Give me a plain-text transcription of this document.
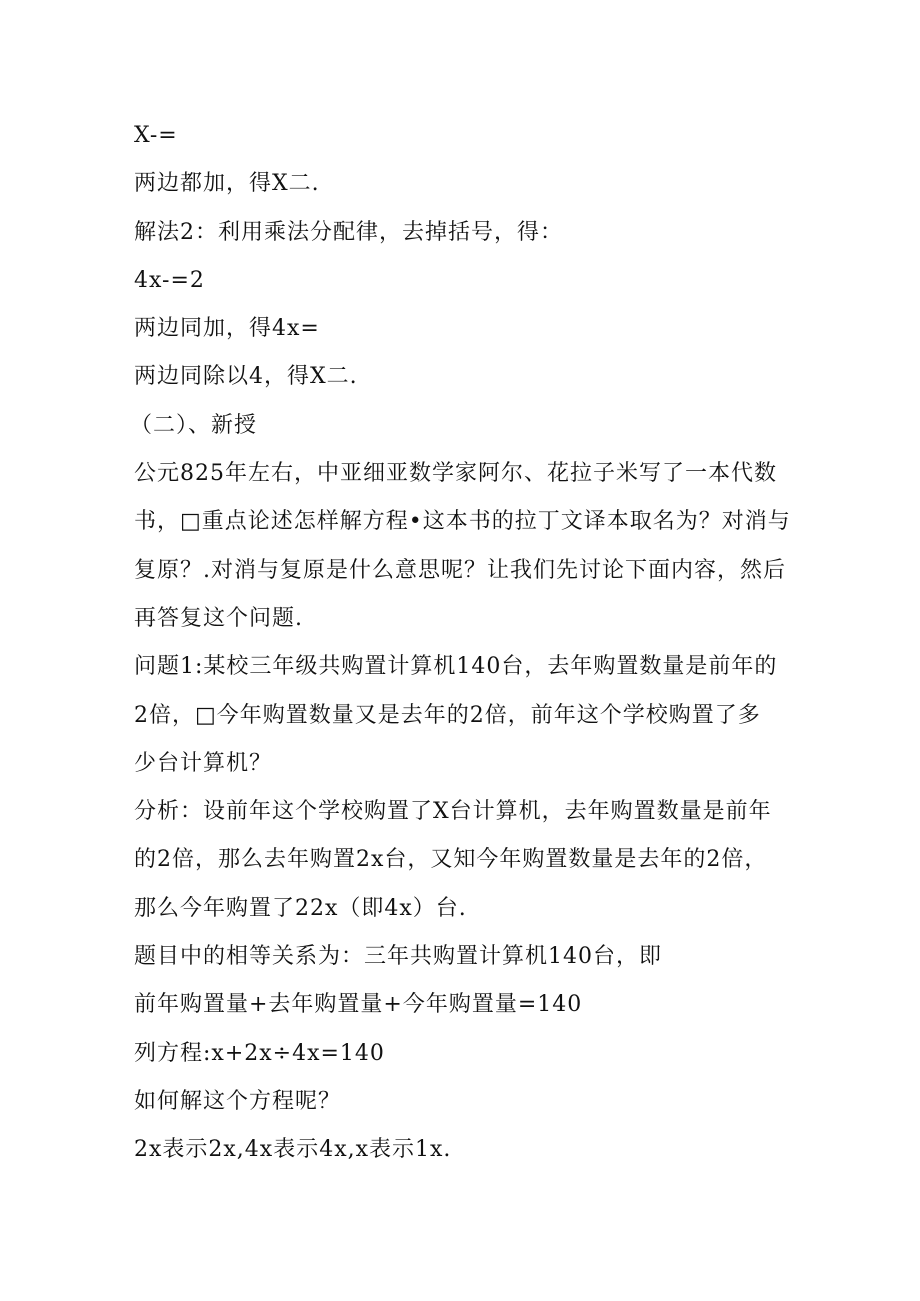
X-=
两边都加，得X二.
解法2：利用乘法分配律，去掉括号，得：
4x-=2
两边同加，得4x=
两边同除以4，得X二.
（二）、新授
公元825年左右，中亚细亚数学家阿尔、花拉子米写了一本代数
书，□重点论述怎样解方程•这本书的拉丁文译本取名为？对消与
复原？.对消与复原是什么意思呢？让我们先讨论下面内容，然后
再答复这个问题.
问题1:某校三年级共购置计算机140台，去年购置数量是前年的
2倍，□今年购置数量又是去年的2倍，前年这个学校购置了多
少台计算机？
分析：设前年这个学校购置了X台计算机，去年购置数量是前年
的2倍，那么去年购置2x台，又知今年购置数量是去年的2倍，
那么今年购置了22x（即4x）台.
题目中的相等关系为：三年共购置计算机140台，即
前年购置量+去年购置量+今年购置量=140
列方程:x+2x÷4x=140
如何解这个方程呢？
2x表示2x,4x表示4x,x表示1x.
